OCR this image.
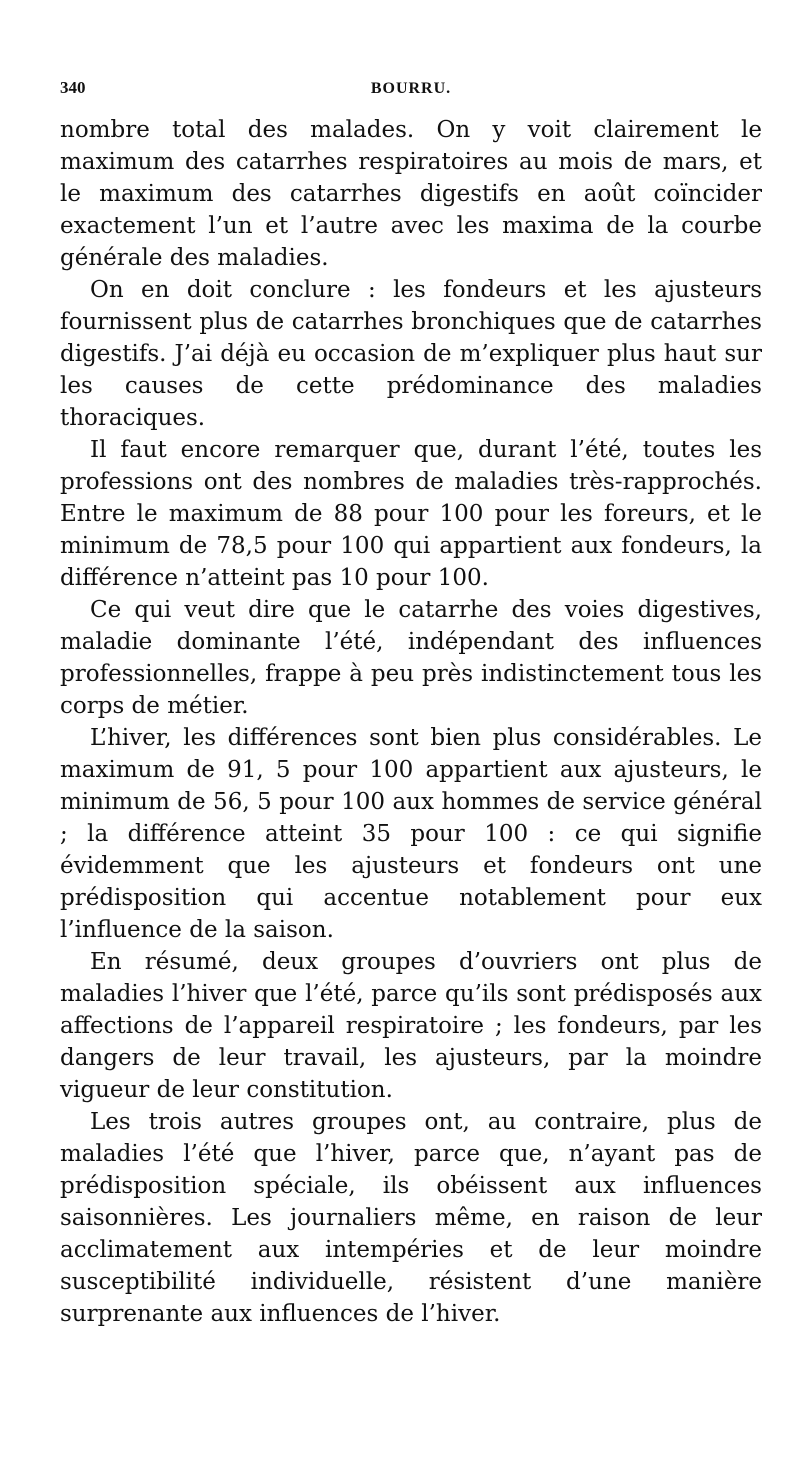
340	BOURRU.

nombre total des malades. On y voit clairement le maximum des catarrhes respiratoires au mois de mars, et le maximum des catarrhes digestifs en août coïncider exactement l’un et l’autre avec les maxima de la courbe générale des maladies.

On en doit conclure : les fondeurs et les ajusteurs fournissent plus de catarrhes bronchiques que de catarrhes digestifs. J’ai déjà eu occasion de m’expliquer plus haut sur les causes de cette prédominance des maladies thoraciques.

Il faut encore remarquer que, durant l’été, toutes les professions ont des nombres de maladies très-rapprochés. Entre le maximum de 88 pour 100 pour les foreurs, et le minimum de 78,5 pour 100 qui appartient aux fondeurs, la différence n’atteint pas 10 pour 100.

Ce qui veut dire que le catarrhe des voies digestives, maladie dominante l’été, indépendant des influences professionnelles, frappe à peu près indistinctement tous les corps de métier.

L’hiver, les différences sont bien plus considérables. Le maximum de 91, 5 pour 100 appartient aux ajusteurs, le minimum de 56, 5 pour 100 aux hommes de service général ; la différence atteint 35 pour 100 : ce qui signifie évidemment que les ajusteurs et fondeurs ont une prédisposition qui accentue notablement pour eux l’influence de la saison.

En résumé, deux groupes d’ouvriers ont plus de maladies l’hiver que l’été, parce qu’ils sont prédisposés aux affections de l’appareil respiratoire ; les fondeurs, par les dangers de leur travail, les ajusteurs, par la moindre vigueur de leur constitution.

Les trois autres groupes ont, au contraire, plus de maladies l’été que l’hiver, parce que, n’ayant pas de prédisposition spéciale, ils obéissent aux influences saisonnières. Les journaliers même, en raison de leur acclimatement aux intempéries et de leur moindre susceptibilité individuelle, résistent d’une manière surprenante aux influences de l’hiver.
